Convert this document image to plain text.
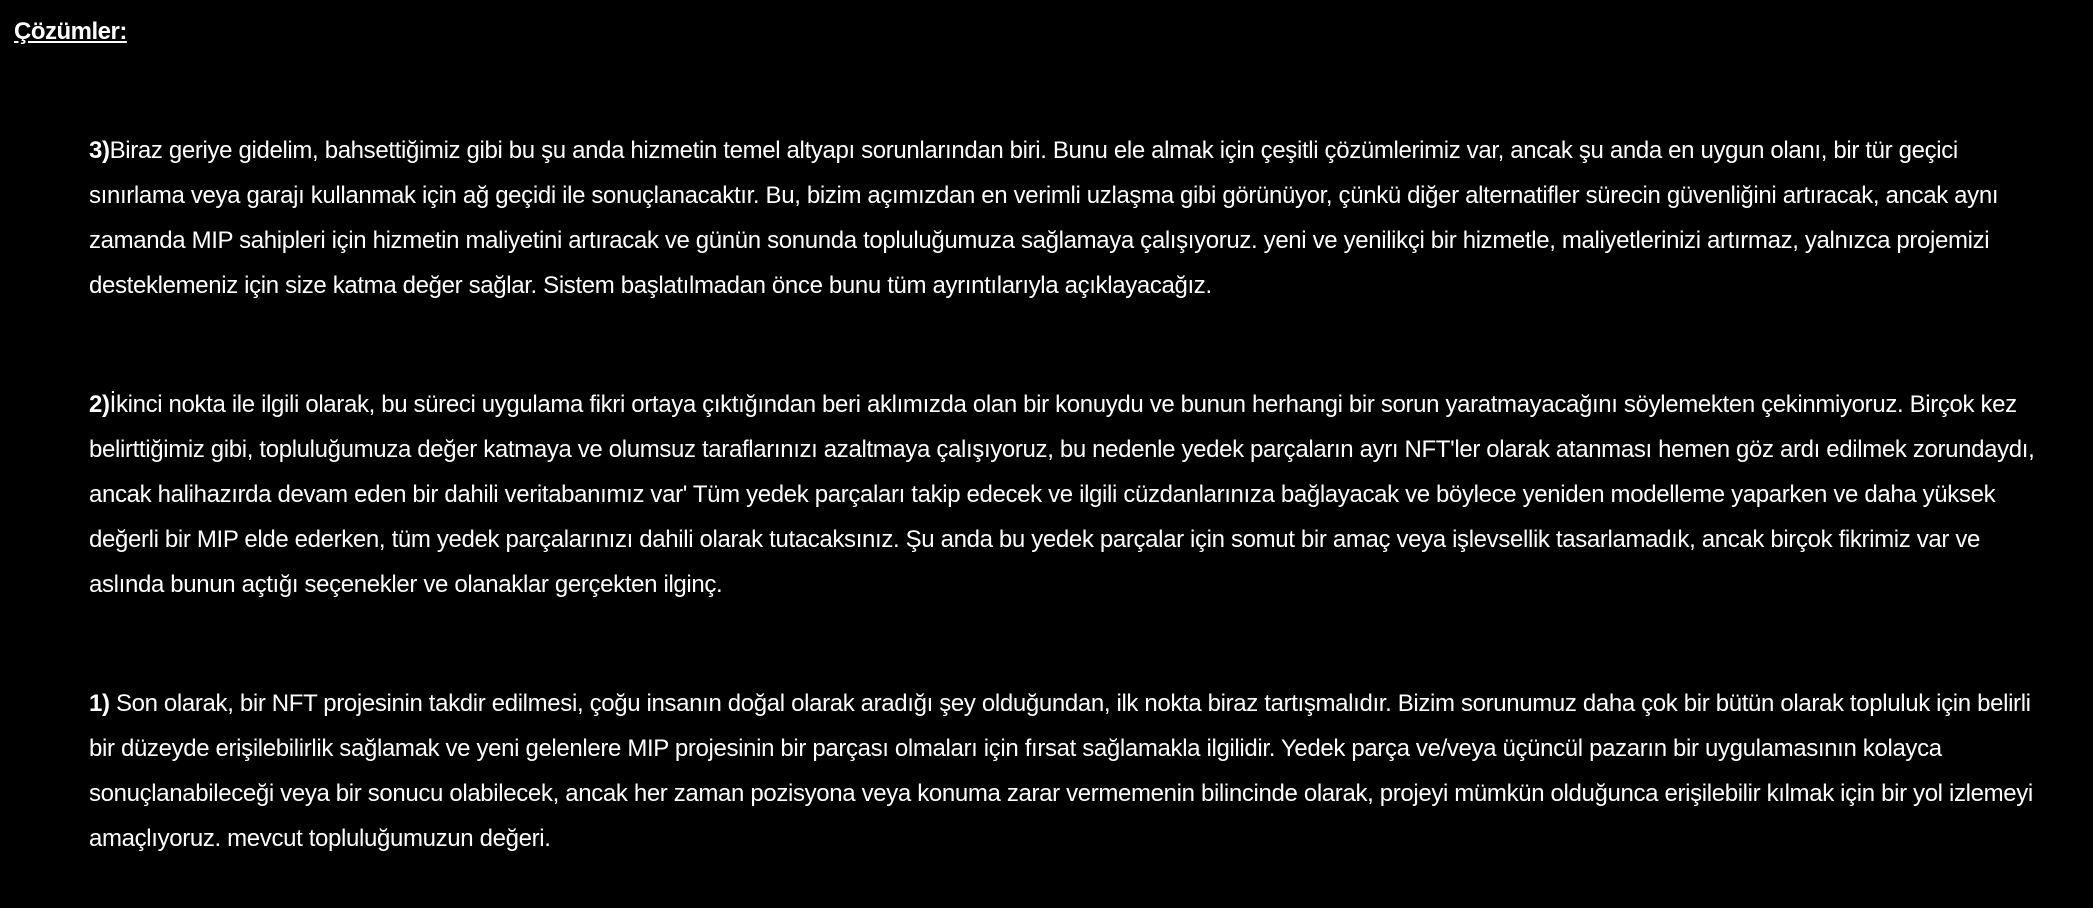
Çözümler:

3)Biraz geriye gidelim, bahsettiğimiz gibi bu şu anda hizmetin temel altyapı sorunlarından biri. Bunu ele almak için çeşitli çözümlerimiz var, ancak şu anda en uygun olanı, bir tür geçici sınırlama veya garajı kullanmak için ağ geçidi ile sonuçlanacaktır. Bu, bizim açımızdan en verimli uzlaşma gibi görünüyor, çünkü diğer alternatifler sürecin güvenliğini artıracak, ancak aynı zamanda MIP sahipleri için hizmetin maliyetini artıracak ve günün sonunda topluluğumuza sağlamaya çalışıyoruz. yeni ve yenilikçi bir hizmetle, maliyetlerinizi artırmaz, yalnızca projemizi desteklemeniz için size katma değer sağlar. Sistem başlatılmadan önce bunu tüm ayrıntılarıyla açıklayacağız.

2)İkinci nokta ile ilgili olarak, bu süreci uygulama fikri ortaya çıktığından beri aklımızda olan bir konuydu ve bunun herhangi bir sorun yaratmayacağını söylemekten çekinmiyoruz. Birçok kez belirttiğimiz gibi, topluluğumuza değer katmaya ve olumsuz taraflarınızı azaltmaya çalışıyoruz, bu nedenle yedek parçaların ayrı NFT'ler olarak atanması hemen göz ardı edilmek zorundaydı, ancak halihazırda devam eden bir dahili veritabanımız var' Tüm yedek parçaları takip edecek ve ilgili cüzdanlarınıza bağlayacak ve böylece yeniden modelleme yaparken ve daha yüksek değerli bir MIP elde ederken, tüm yedek parçalarınızı dahili olarak tutacaksınız. Şu anda bu yedek parçalar için somut bir amaç veya işlevsellik tasarlamadık, ancak birçok fikrimiz var ve aslında bunun açtığı seçenekler ve olanaklar gerçekten ilginç.

1) Son olarak, bir NFT projesinin takdir edilmesi, çoğu insanın doğal olarak aradığı şey olduğundan, ilk nokta biraz tartışmalıdır. Bizim sorunumuz daha çok bir bütün olarak topluluk için belirli bir düzeyde erişilebilirlik sağlamak ve yeni gelenlere MIP projesinin bir parçası olmaları için fırsat sağlamakla ilgilidir. Yedek parça ve/veya üçüncül pazarın bir uygulamasının kolayca sonuçlanabileceği veya bir sonucu olabilecek, ancak her zaman pozisyona veya konuma zarar vermemenin bilincinde olarak, projeyi mümkün olduğunca erişilebilir kılmak için bir yol izlemeyi amaçlıyoruz. mevcut topluluğumuzun değeri.
